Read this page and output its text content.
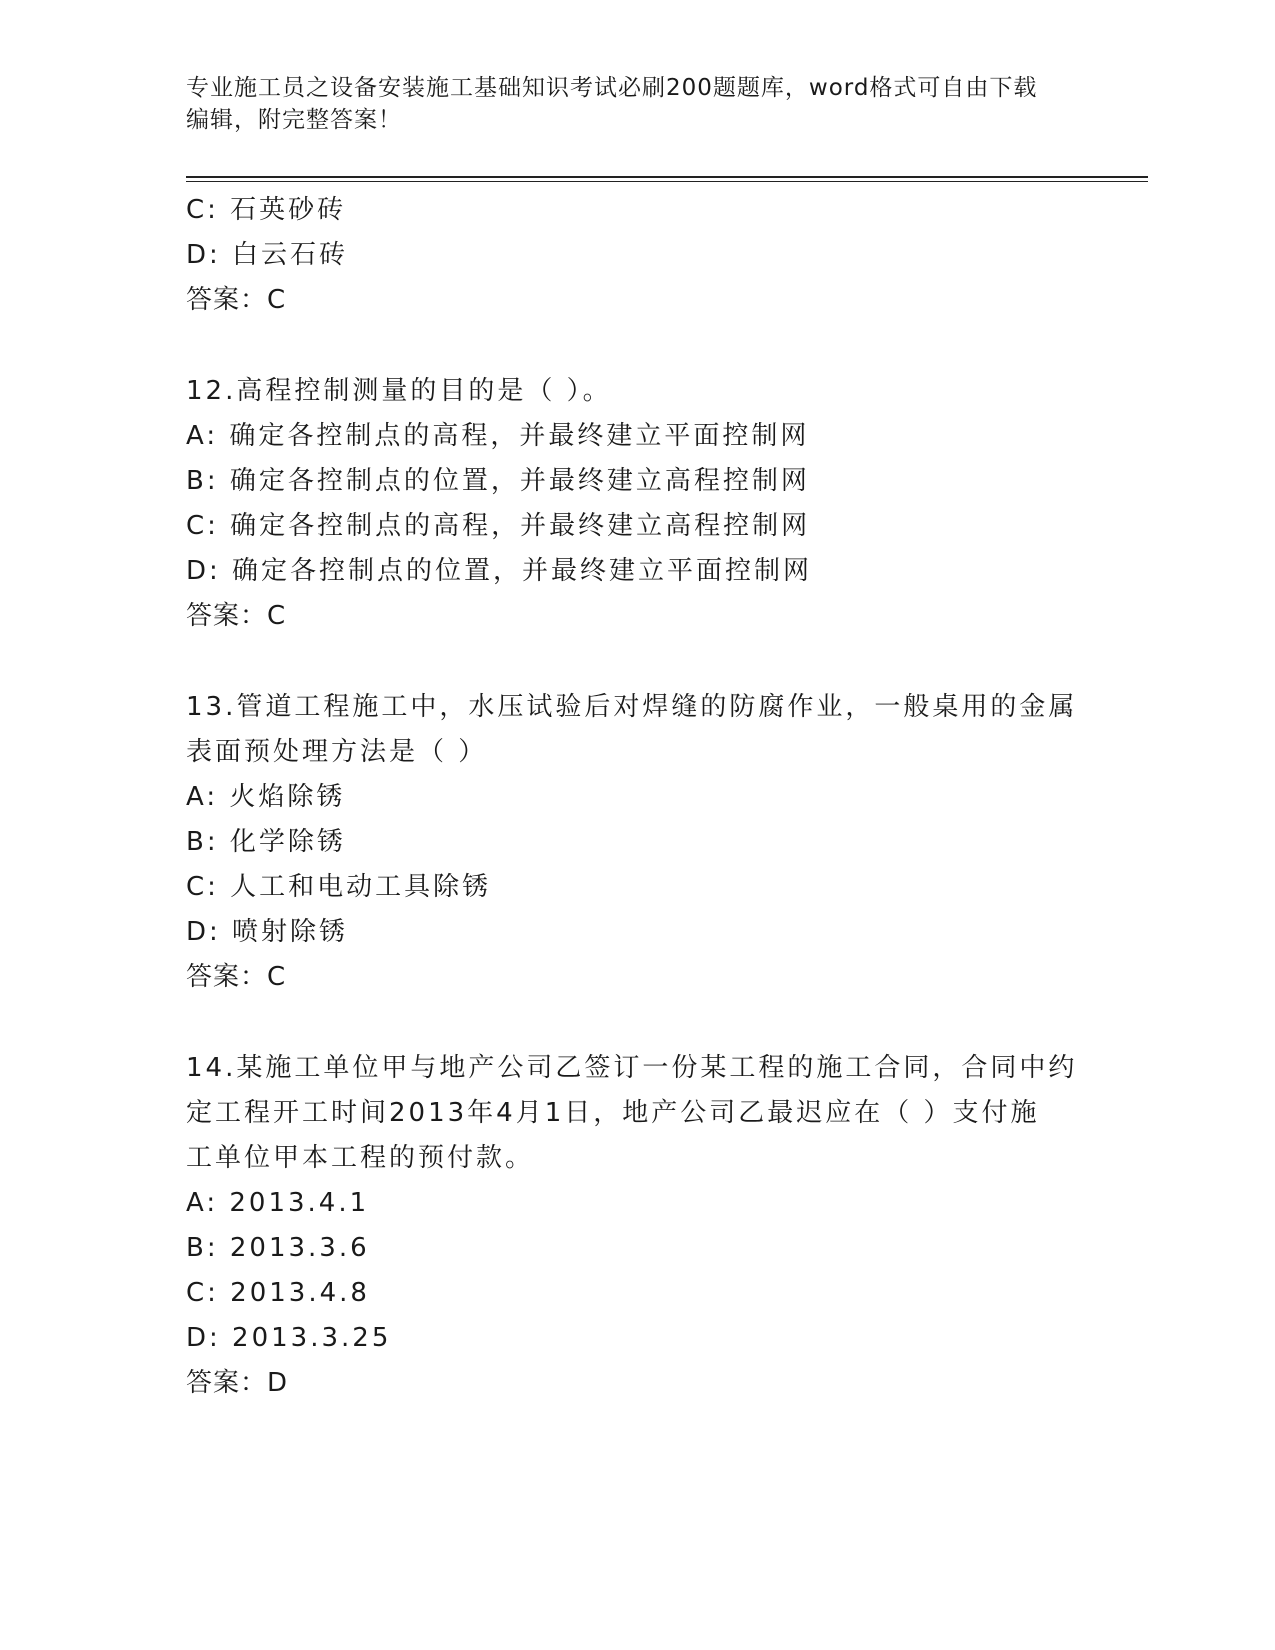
专业施工员之设备安装施工基础知识考试必刷200题题库，word格式可自由下载
编辑，附完整答案！
C: 石英砂砖
D: 白云石砖
答案：C
12.高程控制测量的目的是（ ）。
A: 确定各控制点的高程，并最终建立平面控制网
B: 确定各控制点的位置，并最终建立高程控制网
C: 确定各控制点的高程，并最终建立高程控制网
D: 确定各控制点的位置，并最终建立平面控制网
答案：C
13.管道工程施工中，水压试验后对焊缝的防腐作业，一般桌用的金属
表面预处理方法是（ ）
A: 火焰除锈
B: 化学除锈
C: 人工和电动工具除锈
D: 喷射除锈
答案：C
14.某施工单位甲与地产公司乙签订一份某工程的施工合同，合同中约
定工程开工时间2013年4月1日，地产公司乙最迟应在（ ）支付施
工单位甲本工程的预付款。
A: 2013.4.1
B: 2013.3.6
C: 2013.4.8
D: 2013.3.25
答案：D
